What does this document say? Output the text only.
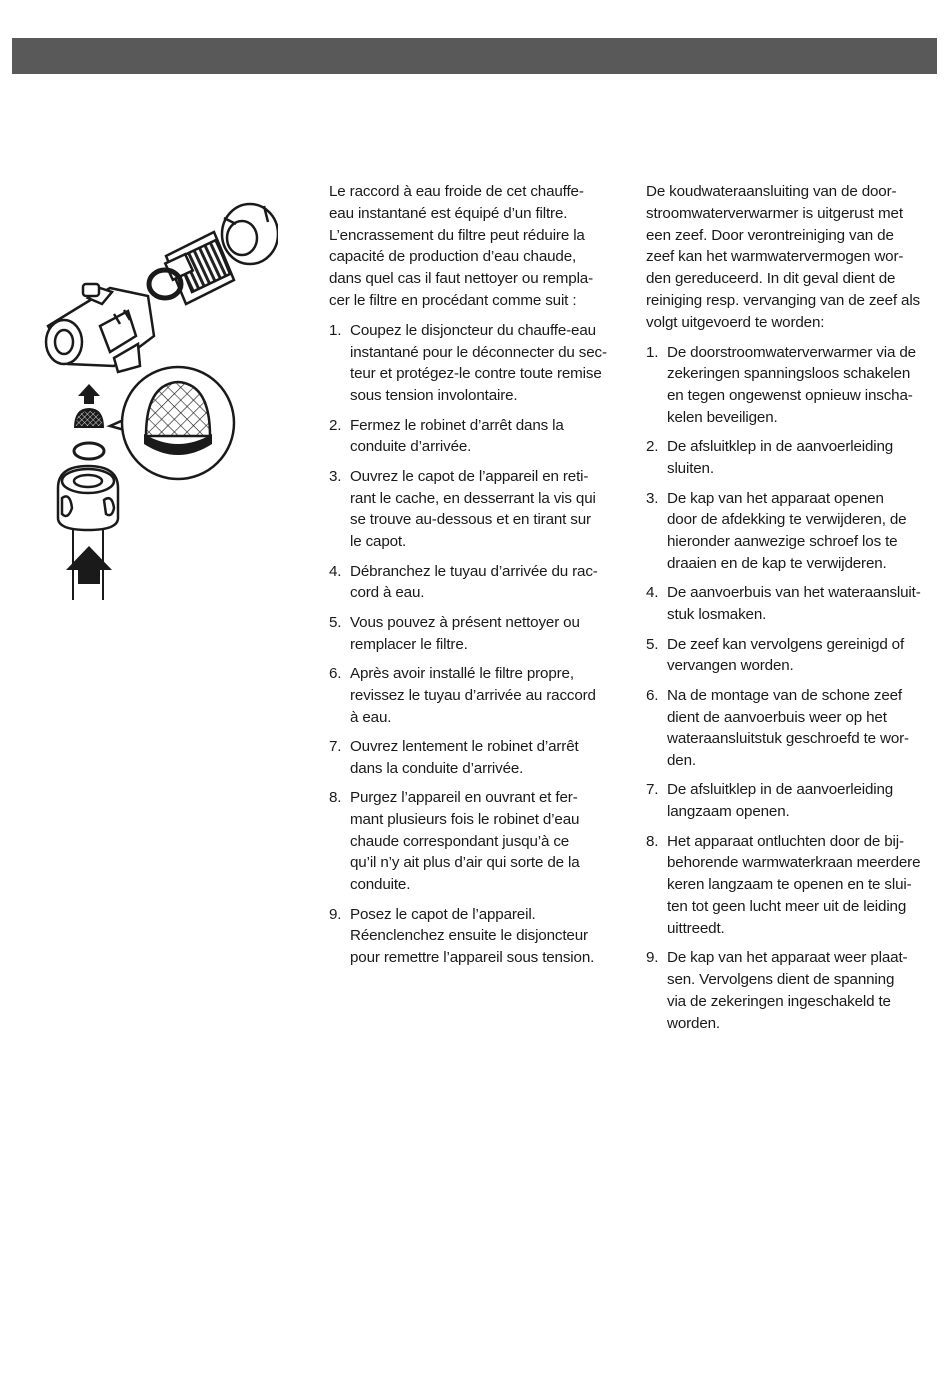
Le raccord à eau froide de cet chauffe-
eau instantané est équipé d’un filtre.
L’encrassement du filtre peut réduire la
capacité de production d’eau chaude,
dans quel cas il faut nettoyer ou rempla-
cer le filtre en procédant comme suit :

1. Coupez le disjoncteur du chauffe-eau
instantané pour le déconnecter du sec-
teur et protégez-le contre toute remise
sous tension involontaire.
2. Fermez le robinet d’arrêt dans la
conduite d’arrivée.
3. Ouvrez le capot de l’appareil en reti-
rant le cache, en desserrant la vis qui
se trouve au-dessous et en tirant sur
le capot.
4. Débranchez le tuyau d’arrivée du rac-
cord à eau.
5. Vous pouvez à présent nettoyer ou
remplacer le filtre.
6. Après avoir installé le filtre propre,
revissez le tuyau d’arrivée au raccord
à eau.
7. Ouvrez lentement le robinet d’arrêt
dans la conduite d’arrivée.
8. Purgez l’appareil en ouvrant et fer-
mant plusieurs fois le robinet d’eau
chaude correspondant jusqu’à ce
qu’il n’y ait plus d’air qui sorte de la
conduite.
9. Posez le capot de l’appareil.
Réenclenchez ensuite le disjoncteur
pour remettre l’appareil sous tension.

De koudwateraansluiting van de door-
stroomwaterverwarmer is uitgerust met
een zeef. Door verontreiniging van de
zeef kan het warmwatervermogen wor-
den gereduceerd. In dit geval dient de
reiniging resp. vervanging van de zeef als
volgt uitgevoerd te worden:

1. De doorstroomwaterverwarmer via de
zekeringen spanningsloos schakelen
en tegen ongewenst opnieuw inscha-
kelen beveiligen.
2. De afsluitklep in de aanvoerleiding
sluiten.
3. De kap van het apparaat openen
door de afdekking te verwijderen, de
hieronder aanwezige schroef los te
draaien en de kap te verwijderen.
4. De aanvoerbuis van het wateraansluit-
stuk losmaken.
5. De zeef kan vervolgens gereinigd of
vervangen worden.
6. Na de montage van de schone zeef
dient de aanvoerbuis weer op het
wateraansluitstuk geschroefd te wor-
den.
7. De afsluitklep in de aanvoerleiding
langzaam openen.
8. Het apparaat ontluchten door de bij-
behorende warmwaterkraan meerdere
keren langzaam te openen en te slui-
ten tot geen lucht meer uit de leiding
uittreedt.
9. De kap van het apparaat weer plaat-
sen. Vervolgens dient de spanning
via de zekeringen ingeschakeld te
worden.
